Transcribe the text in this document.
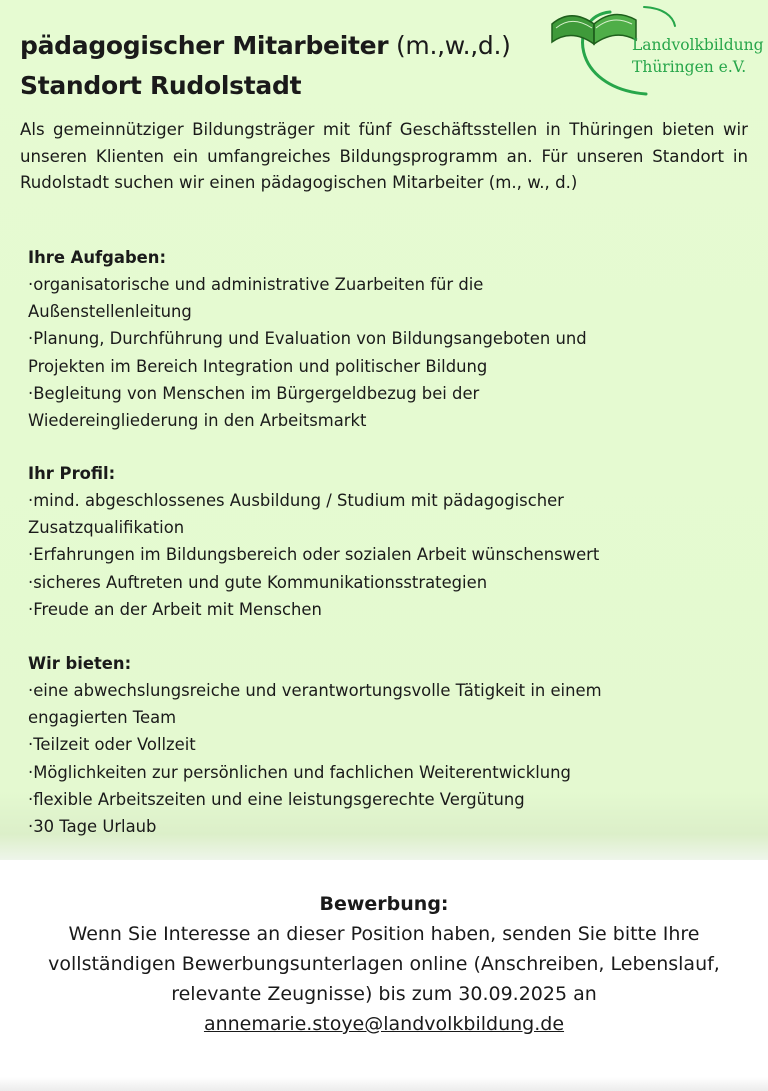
pädagogischer Mitarbeiter (m.,w.,d.)
Standort Rudolstadt
Landvolkbildung
Thüringen e.V.
Als gemeinnütziger Bildungsträger mit fünf Geschäftsstellen in Thüringen bieten wir unseren Klienten ein umfangreiches Bildungsprogramm an. Für unseren Standort in Rudolstadt suchen wir einen pädagogischen Mitarbeiter (m., w., d.)
Ihre Aufgaben:
·organisatorische und administrative Zuarbeiten für die
Außenstellenleitung
·Planung, Durchführung und Evaluation von Bildungsangeboten und
Projekten im Bereich Integration und politischer Bildung
·Begleitung von Menschen im Bürgergeldbezug bei der
Wiedereingliederung in den Arbeitsmarkt
Ihr Profil:
·mind. abgeschlossenes Ausbildung / Studium mit pädagogischer
Zusatzqualifikation
·Erfahrungen im Bildungsbereich oder sozialen Arbeit wünschenswert
·sicheres Auftreten und gute Kommunikationsstrategien
·Freude an der Arbeit mit Menschen
Wir bieten:
·eine abwechslungsreiche und verantwortungsvolle Tätigkeit in einem
engagierten Team
·Teilzeit oder Vollzeit
·Möglichkeiten zur persönlichen und fachlichen Weiterentwicklung
·flexible Arbeitszeiten und eine leistungsgerechte Vergütung
·30 Tage Urlaub
Bewerbung:

Wenn Sie Interesse an dieser Position haben, senden Sie bitte Ihre vollständigen Bewerbungsunterlagen online (Anschreiben, Lebenslauf, relevante Zeugnisse) bis zum 30.09.2025 an
annemarie.stoye@landvolkbildung.de
